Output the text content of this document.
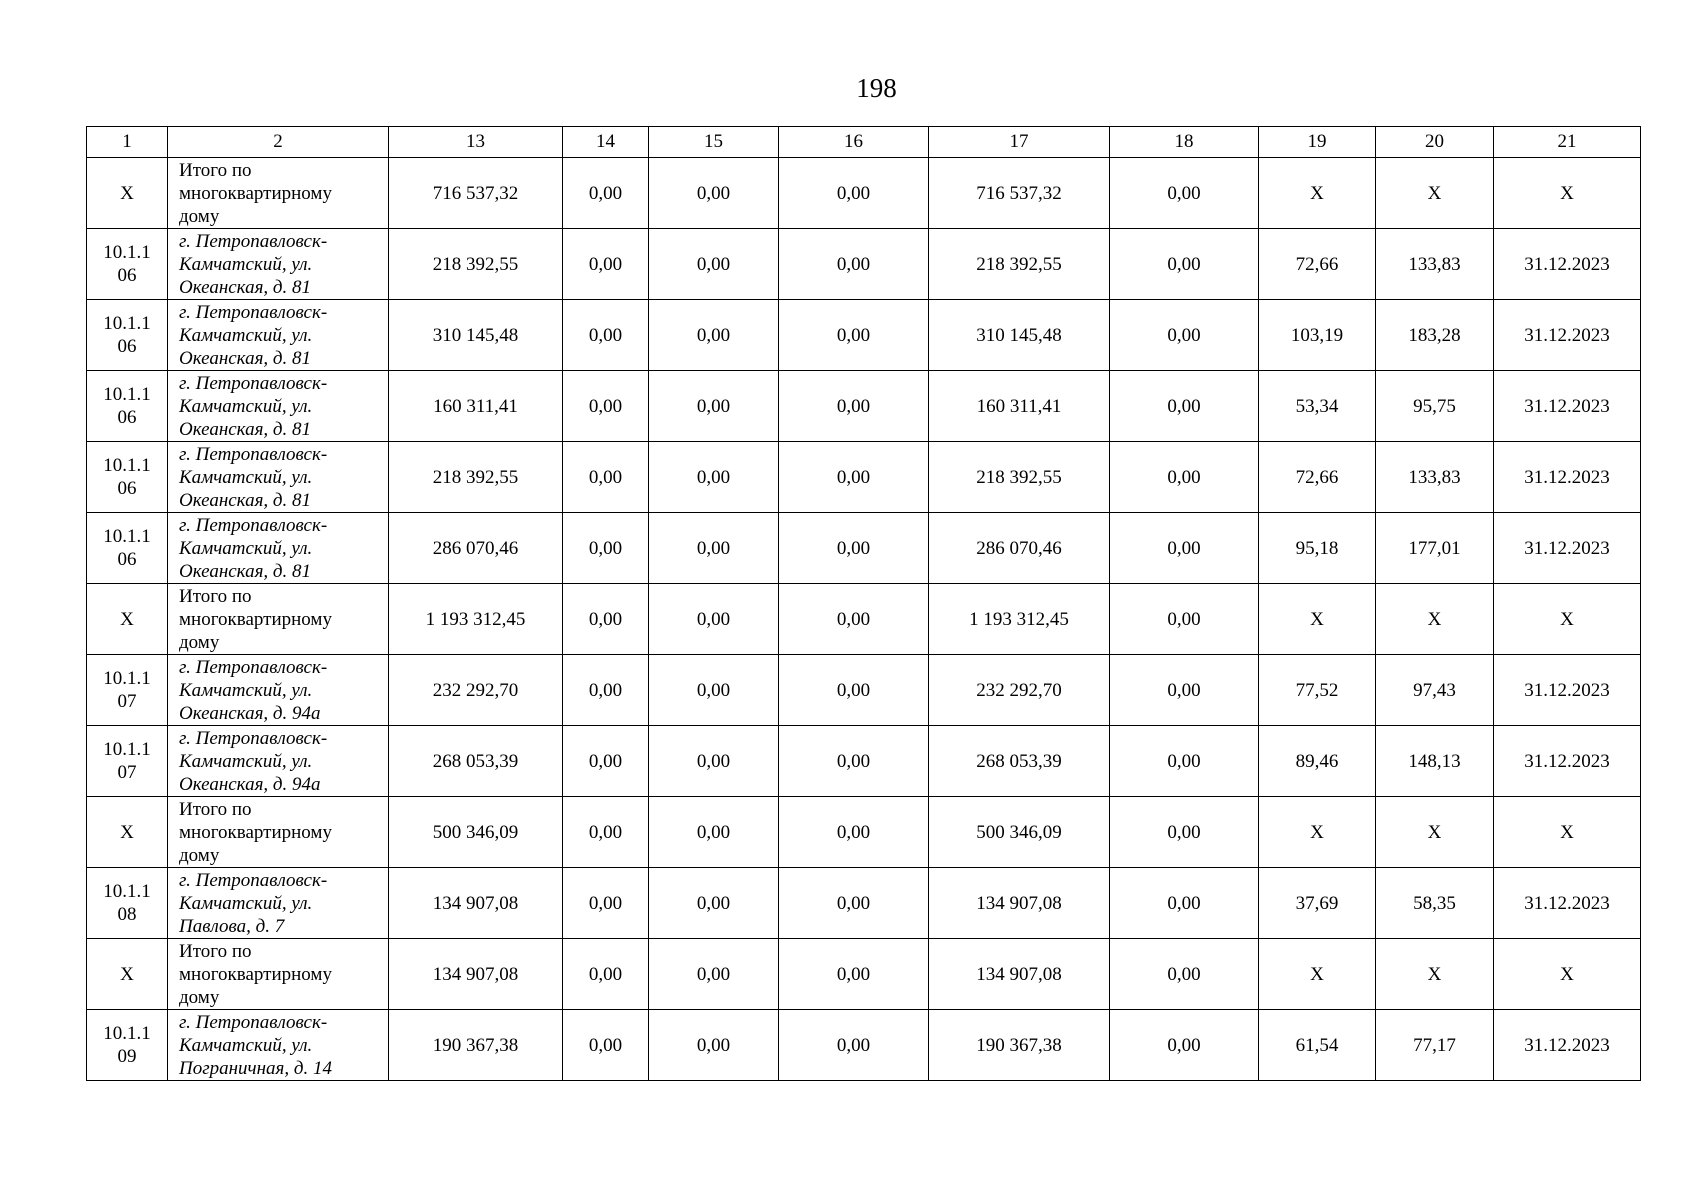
198
1	2	13	14	15	16	17	18	19	20	21

Х	Итого по
многоквартирному
дому	716 537,32	0,00	0,00	0,00	716 537,32	0,00	Х	Х	Х

10.1.1
06	г. Петропавловск-
Камчатский, ул.
Океанская, д. 81	218 392,55	0,00	0,00	0,00	218 392,55	0,00	72,66	133,83	31.12.2023

10.1.1
06	г. Петропавловск-
Камчатский, ул.
Океанская, д. 81	310 145,48	0,00	0,00	0,00	310 145,48	0,00	103,19	183,28	31.12.2023

10.1.1
06	г. Петропавловск-
Камчатский, ул.
Океанская, д. 81	160 311,41	0,00	0,00	0,00	160 311,41	0,00	53,34	95,75	31.12.2023

10.1.1
06	г. Петропавловск-
Камчатский, ул.
Океанская, д. 81	218 392,55	0,00	0,00	0,00	218 392,55	0,00	72,66	133,83	31.12.2023

10.1.1
06	г. Петропавловск-
Камчатский, ул.
Океанская, д. 81	286 070,46	0,00	0,00	0,00	286 070,46	0,00	95,18	177,01	31.12.2023

Х	Итого по
многоквартирному
дому	1 193 312,45	0,00	0,00	0,00	1 193 312,45	0,00	Х	Х	Х

10.1.1
07	г. Петропавловск-
Камчатский, ул.
Океанская, д. 94а	232 292,70	0,00	0,00	0,00	232 292,70	0,00	77,52	97,43	31.12.2023

10.1.1
07	г. Петропавловск-
Камчатский, ул.
Океанская, д. 94а	268 053,39	0,00	0,00	0,00	268 053,39	0,00	89,46	148,13	31.12.2023

Х	Итого по
многоквартирному
дому	500 346,09	0,00	0,00	0,00	500 346,09	0,00	Х	Х	Х

10.1.1
08	г. Петропавловск-
Камчатский, ул.
Павлова, д. 7	134 907,08	0,00	0,00	0,00	134 907,08	0,00	37,69	58,35	31.12.2023

Х	Итого по
многоквартирному
дому	134 907,08	0,00	0,00	0,00	134 907,08	0,00	Х	Х	Х

10.1.1
09	г. Петропавловск-
Камчатский, ул.
Пограничная, д. 14	190 367,38	0,00	0,00	0,00	190 367,38	0,00	61,54	77,17	31.12.2023
